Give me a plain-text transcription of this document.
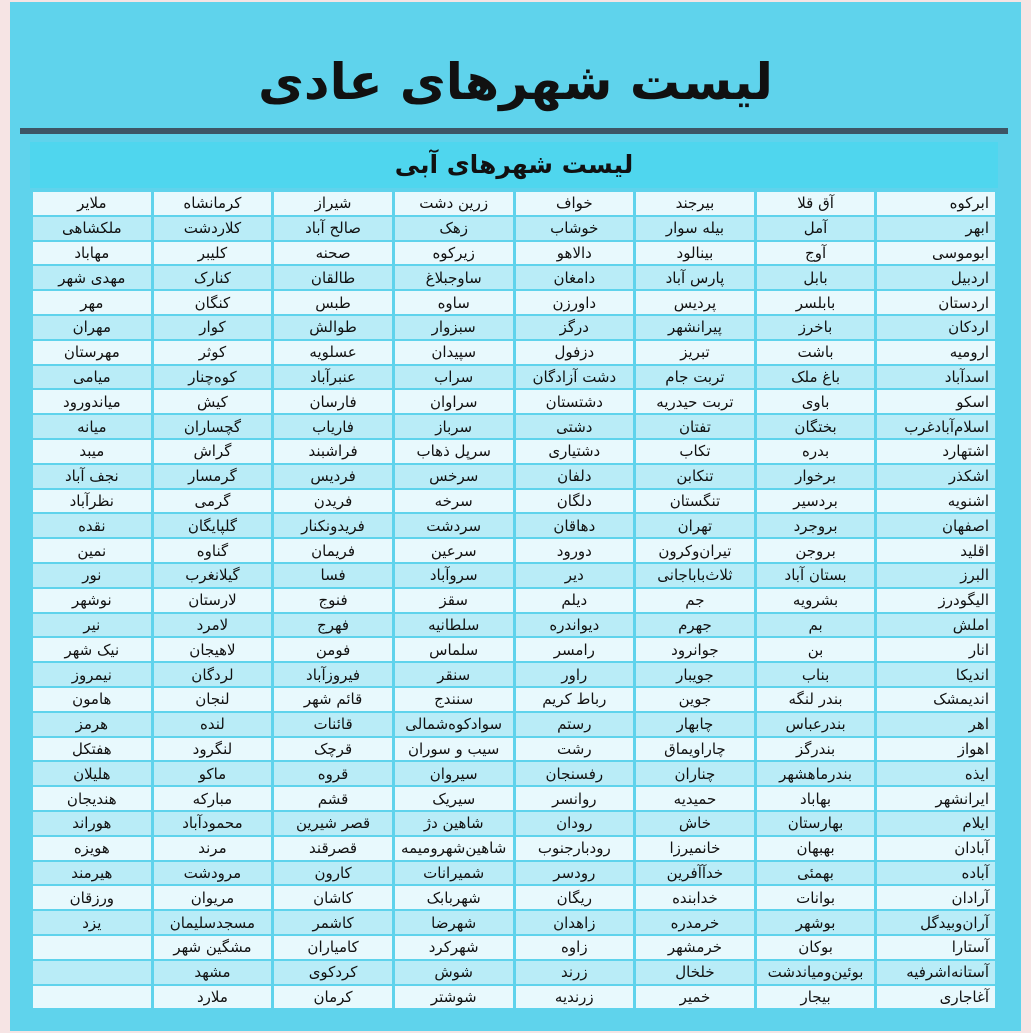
لیست شهرهای عادی
لیست شهرهای آبی
ابرکوه	آق قلا	بیرجند	خواف	زرین دشت	شیراز	کرمانشاه	ملایر
ابهر	آمل	بیله سوار	خوشاب	زهک	صالح آباد	کلاردشت	ملکشاهی
ابوموسی	آوج	بینالود	دالاهو	زیرکوه	صحنه	کلیبر	مهاباد
اردبیل	بابل	پارس آباد	دامغان	ساوجبلاغ	طالقان	کنارک	مهدی شهر
اردستان	بابلسر	پردیس	داورزن	ساوه	طبس	کنگان	مهر
اردکان	باخرز	پیرانشهر	درگز	سبزوار	طوالش	کوار	مهران
ارومیه	باشت	تبریز	دزفول	سپیدان	عسلویه	کوثر	مهرستان
اسدآباد	باغ ملک	تربت جام	دشت آزادگان	سراب	عنبرآباد	کوه‌چنار	میامی
اسکو	باوی	تربت حیدریه	دشتستان	سراوان	فارسان	کیش	میاندورود
اسلام‌آبادغرب	بختگان	تفتان	دشتی	سرباز	فاریاب	گچساران	میانه
اشتهارد	بدره	تکاب	دشتیاری	سرپل ذهاب	فراشبند	گراش	میبد
اشکذر	برخوار	تنکابن	دلفان	سرخس	فردیس	گرمسار	نجف آباد
اشنویه	بردسیر	تنگستان	دلگان	سرخه	فریدن	گرمی	نظرآباد
اصفهان	بروجرد	تهران	دهاقان	سردشت	فریدونکنار	گلپایگان	نقده
اقلید	بروجن	تیران‌وکرون	دورود	سرعین	فریمان	گناوه	نمین
البرز	بستان آباد	ثلاث‌باباجانی	دیر	سروآباد	فسا	گیلانغرب	نور
الیگودرز	بشرویه	جم	دیلم	سقز	فنوج	لارستان	نوشهر
املش	بم	جهرم	دیواندره	سلطانیه	فهرج	لامرد	نیر
انار	بن	جوانرود	رامسر	سلماس	فومن	لاهیجان	نیک شهر
اندیکا	بناب	جویبار	راور	سنقر	فیروزآباد	لردگان	نیمروز
اندیمشک	بندر لنگه	جوین	رباط کریم	سنندج	قائم شهر	لنجان	هامون
اهر	بندرعباس	چابهار	رستم	سوادکوه‌شمالی	قائنات	لنده	هرمز
اهواز	بندرگز	چاراویماق	رشت	سیب و سوران	قرچک	لنگرود	هفتکل
ایذه	بندرماهشهر	چناران	رفسنجان	سیروان	قروه	ماکو	هلیلان
ایرانشهر	بهاباد	حمیدیه	روانسر	سیریک	قشم	مبارکه	هندیجان
ایلام	بهارستان	خاش	رودان	شاهین دژ	قصر شیرین	محمودآباد	هوراند
آبادان	بهبهان	خانمیرزا	رودبارجنوب	شاهین‌شهرومیمه	قصرقند	مرند	هویزه
آباده	بهمئی	خدآآفرین	رودسر	شمیرانات	کارون	مرودشت	هیرمند
آرادان	بوانات	خدابنده	ریگان	شهربابک	کاشان	مریوان	ورزقان
آران‌وبیدگل	بوشهر	خرمدره	زاهدان	شهرضا	کاشمر	مسجدسلیمان	یزد
آستارا	بوکان	خرمشهر	زاوه	شهرکرد	کامیاران	مشگین شهر	
آستانه‌اشرفیه	بوئین‌ومیاندشت	خلخال	زرند	شوش	کردکوی	مشهد	
آغاجاری	بیجار	خمیر	زرندیه	شوشتر	کرمان	ملارد	
